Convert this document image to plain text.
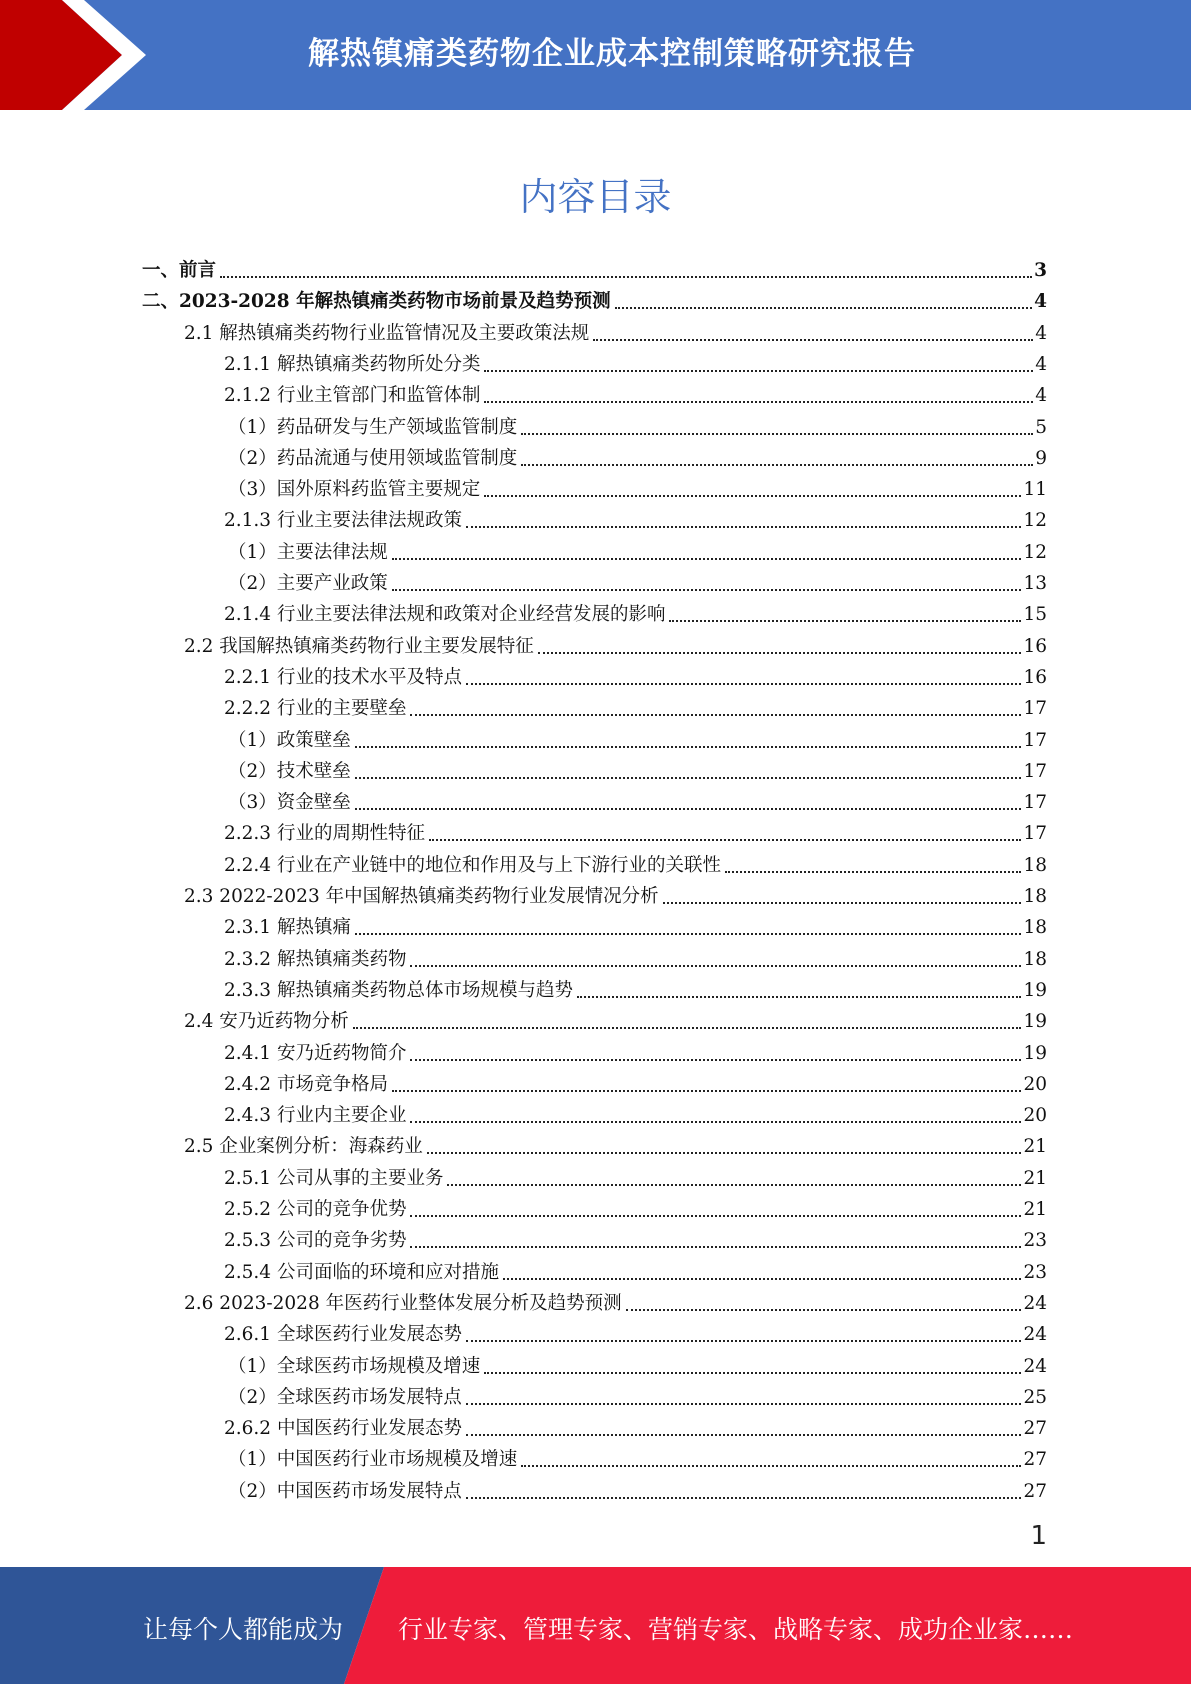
解热镇痛类药物企业成本控制策略研究报告
内容目录
一、前言	3
二、2023-2028 年解热镇痛类药物市场前景及趋势预测	4
2.1 解热镇痛类药物行业监管情况及主要政策法规	4
2.1.1 解热镇痛类药物所处分类	4
2.1.2 行业主管部门和监管体制	4
（1）药品研发与生产领域监管制度	5
（2）药品流通与使用领域监管制度	9
（3）国外原料药监管主要规定	11
2.1.3 行业主要法律法规政策	12
（1）主要法律法规	12
（2）主要产业政策	13
2.1.4 行业主要法律法规和政策对企业经营发展的影响	15
2.2 我国解热镇痛类药物行业主要发展特征	16
2.2.1 行业的技术水平及特点	16
2.2.2 行业的主要壁垒	17
（1）政策壁垒	17
（2）技术壁垒	17
（3）资金壁垒	17
2.2.3 行业的周期性特征	17
2.2.4 行业在产业链中的地位和作用及与上下游行业的关联性	18
2.3 2022-2023 年中国解热镇痛类药物行业发展情况分析	18
2.3.1 解热镇痛	18
2.3.2 解热镇痛类药物	18
2.3.3 解热镇痛类药物总体市场规模与趋势	19
2.4 安乃近药物分析	19
2.4.1 安乃近药物简介	19
2.4.2 市场竞争格局	20
2.4.3 行业内主要企业	20
2.5 企业案例分析：海森药业	21
2.5.1 公司从事的主要业务	21
2.5.2 公司的竞争优势	21
2.5.3 公司的竞争劣势	23
2.5.4 公司面临的环境和应对措施	23
2.6 2023-2028 年医药行业整体发展分析及趋势预测	24
2.6.1 全球医药行业发展态势	24
（1）全球医药市场规模及增速	24
（2）全球医药市场发展特点	25
2.6.2 中国医药行业发展态势	27
（1）中国医药行业市场规模及增速	27
（2）中国医药市场发展特点	27
1
让每个人都能成为 行业专家、管理专家、营销专家、战略专家、成功企业家……
